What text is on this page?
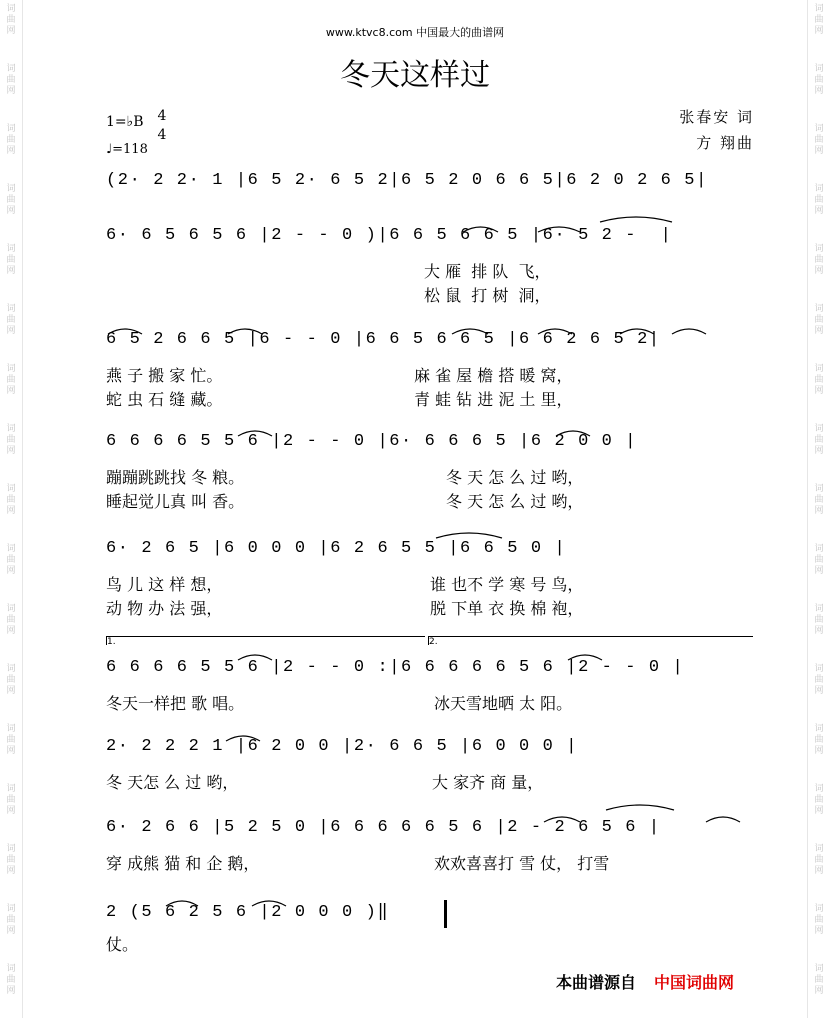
词
曲
网
词
曲
网
词
曲
网
词
曲
网
词
曲
网
词
曲
网
词
曲
网
词
曲
网
词
曲
网
词
曲
网
词
曲
网
词
曲
网
词
曲
网
词
曲
网
词
曲
网
词
曲
网
词
曲
网
词
曲
网
词
曲
网
词
曲
网
词
曲
网
词
曲
网
词
曲
网
词
曲
网
词
曲
网
词
曲
网
词
曲
网
词
曲
网
词
曲
网
词
曲
网
词
曲
网
词
曲
网
词
曲
网
词
曲
网
www.ktvc8.com 中国最大的曲谱网
冬天这样过
张春安 词
方 翔曲
1=♭B 4
4
♩=118
(2· 2 2· 1 |6 5 2· 6 5 2|6 5 2 0 6 6 5|6 2 0 2 6 5|
6· 6 5 6 5 6 |2 - - 0 )|6 6 5 6 6 5 |6· 5 2 -  |
大 雁  排 队  飞，
松 鼠  打 树  洞，
6 5 2 6 6 5 |6 - - 0 |6 6 5 6 6 5 |6 6 2 6 5 2|
燕 子 搬 家 忙。	麻 雀 屋 檐 搭 暖 窝，
蛇 虫 石 缝 藏。	青 蛙 钻 进 泥 土 里，
6 6 6 6 5 5 6 |2 - - 0 |6· 6 6 6 5 |6 2 0 0 |
蹦蹦跳跳找 冬 粮。	冬 天 怎 么 过 哟，
睡起觉儿真 叫 香。	冬 天 怎 么 过 哟，
6· 2 6 5 |6 0 0 0 |6 2 6 5 5 |6 6 5 0 |
鸟 儿 这 样 想，	谁 也不 学 寒 号 鸟，
动 物 办 法 强，	脱 下单 衣 换 棉 袍，
6 6 6 6 5 5 6 |2 - - 0 :|6 6 6 6 6 5 6 |2 - - 0 |
冬天一样把 歌 唱。	冰天雪地晒 太 阳。
1.	2.
2· 2 2 2 1 |6 2 0 0 |2· 6 6 5 |6 0 0 0 |
冬 天怎 么 过 哟，	大 家齐 商 量，
6· 2 6 6 |5 2 5 0 |6 6 6 6 6 5 6 |2 - 2 6 5 6 |
穿 成熊 猫 和 企 鹅，	欢欢喜喜打 雪 仗， 打雪
2 (5 6 2 5 6 |2 0 0 0 )‖
仗。
本曲谱源自 中国词曲网
